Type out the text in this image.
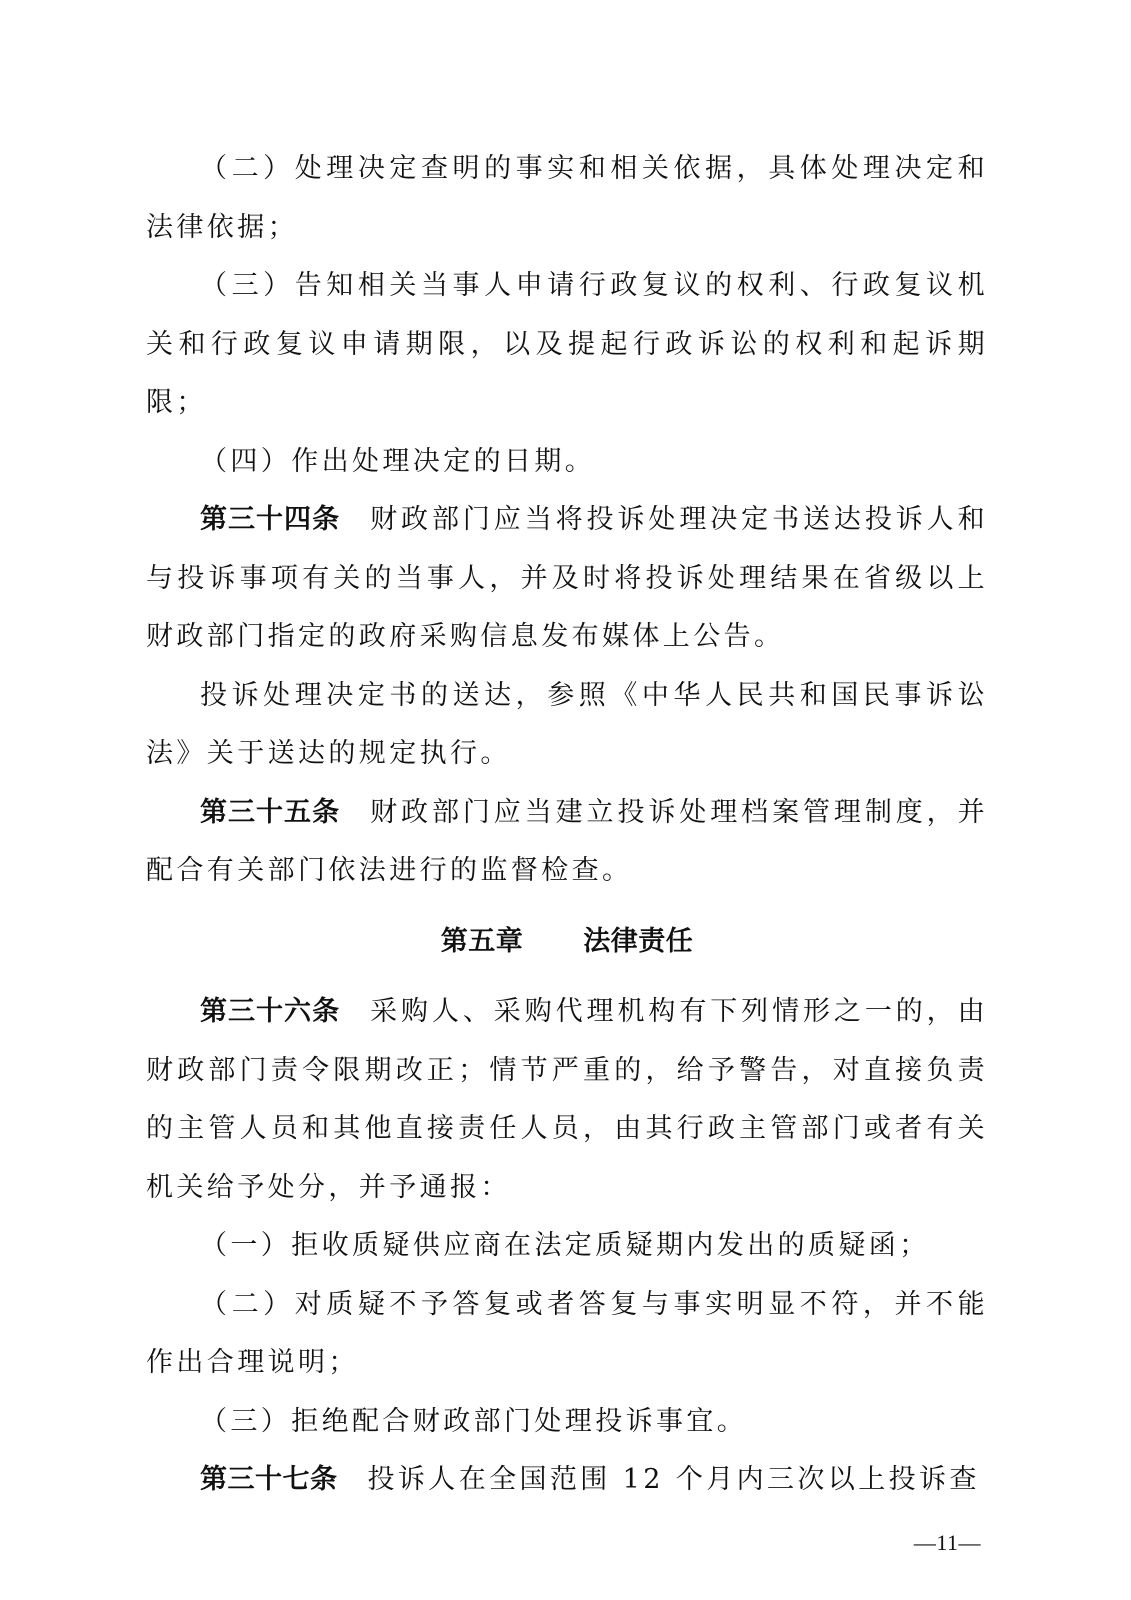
（二）处理决定查明的事实和相关依据，具体处理决定和法律依据；

（三）告知相关当事人申请行政复议的权利、行政复议机关和行政复议申请期限，以及提起行政诉讼的权利和起诉期限；

（四）作出处理决定的日期。

第三十四条 财政部门应当将投诉处理决定书送达投诉人和与投诉事项有关的当事人，并及时将投诉处理结果在省级以上财政部门指定的政府采购信息发布媒体上公告。

投诉处理决定书的送达，参照《中华人民共和国民事诉讼法》关于送达的规定执行。

第三十五条 财政部门应当建立投诉处理档案管理制度，并配合有关部门依法进行的监督检查。

第五章 法律责任

第三十六条 采购人、采购代理机构有下列情形之一的，由财政部门责令限期改正；情节严重的，给予警告，对直接负责的主管人员和其他直接责任人员，由其行政主管部门或者有关机关给予处分，并予通报：

（一）拒收质疑供应商在法定质疑期内发出的质疑函；

（二）对质疑不予答复或者答复与事实明显不符，并不能作出合理说明；

（三）拒绝配合财政部门处理投诉事宜。

第三十七条 投诉人在全国范围 12 个月内三次以上投诉查

—11—
